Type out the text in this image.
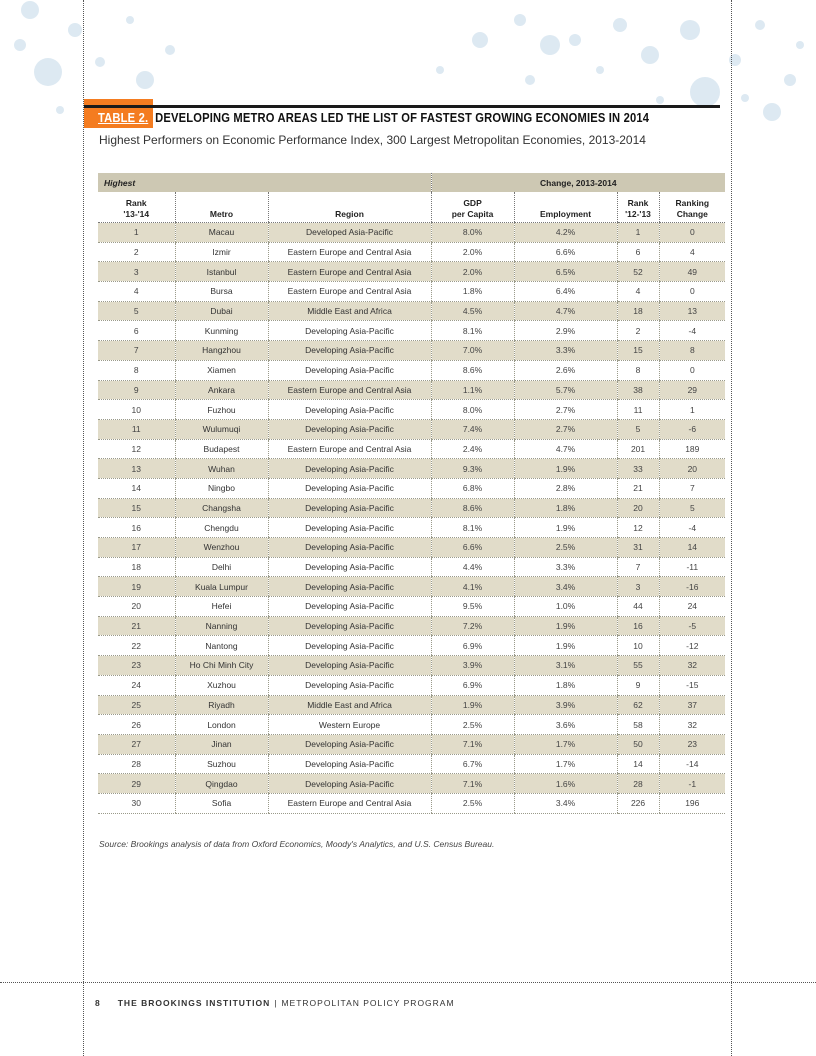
TABLE 2. DEVELOPING METRO AREAS LED THE LIST OF FASTEST GROWING ECONOMIES IN 2014
Highest Performers on Economic Performance Index, 300 Largest Metropolitan Economies, 2013-2014
Highest			Change, 2013-2014			
Rank
'13-'14	Metro	Region	GDP
per Capita	Employment	Rank
'12-'13	Ranking
Change
1	Macau	Developed Asia-Pacific	8.0%	4.2%	1	0
2	Izmir	Eastern Europe and Central Asia	2.0%	6.6%	6	4
3	Istanbul	Eastern Europe and Central Asia	2.0%	6.5%	52	49
4	Bursa	Eastern Europe and Central Asia	1.8%	6.4%	4	0
5	Dubai	Middle East and Africa	4.5%	4.7%	18	13
6	Kunming	Developing Asia-Pacific	8.1%	2.9%	2	-4
7	Hangzhou	Developing Asia-Pacific	7.0%	3.3%	15	8
8	Xiamen	Developing Asia-Pacific	8.6%	2.6%	8	0
9	Ankara	Eastern Europe and Central Asia	1.1%	5.7%	38	29
10	Fuzhou	Developing Asia-Pacific	8.0%	2.7%	11	1
11	Wulumuqi	Developing Asia-Pacific	7.4%	2.7%	5	-6
12	Budapest	Eastern Europe and Central Asia	2.4%	4.7%	201	189
13	Wuhan	Developing Asia-Pacific	9.3%	1.9%	33	20
14	Ningbo	Developing Asia-Pacific	6.8%	2.8%	21	7
15	Changsha	Developing Asia-Pacific	8.6%	1.8%	20	5
16	Chengdu	Developing Asia-Pacific	8.1%	1.9%	12	-4
17	Wenzhou	Developing Asia-Pacific	6.6%	2.5%	31	14
18	Delhi	Developing Asia-Pacific	4.4%	3.3%	7	-11
19	Kuala Lumpur	Developing Asia-Pacific	4.1%	3.4%	3	-16
20	Hefei	Developing Asia-Pacific	9.5%	1.0%	44	24
21	Nanning	Developing Asia-Pacific	7.2%	1.9%	16	-5
22	Nantong	Developing Asia-Pacific	6.9%	1.9%	10	-12
23	Ho Chi Minh City	Developing Asia-Pacific	3.9%	3.1%	55	32
24	Xuzhou	Developing Asia-Pacific	6.9%	1.8%	9	-15
25	Riyadh	Middle East and Africa	1.9%	3.9%	62	37
26	London	Western Europe	2.5%	3.6%	58	32
27	Jinan	Developing Asia-Pacific	7.1%	1.7%	50	23
28	Suzhou	Developing Asia-Pacific	6.7%	1.7%	14	-14
29	Qingdao	Developing Asia-Pacific	7.1%	1.6%	28	-1
30	Sofia	Eastern Europe and Central Asia	2.5%	3.4%	226	196
Source: Brookings analysis of data from Oxford Economics, Moody's Analytics, and U.S. Census Bureau.
8 THE BROOKINGS INSTITUTION | METROPOLITAN POLICY PROGRAM
